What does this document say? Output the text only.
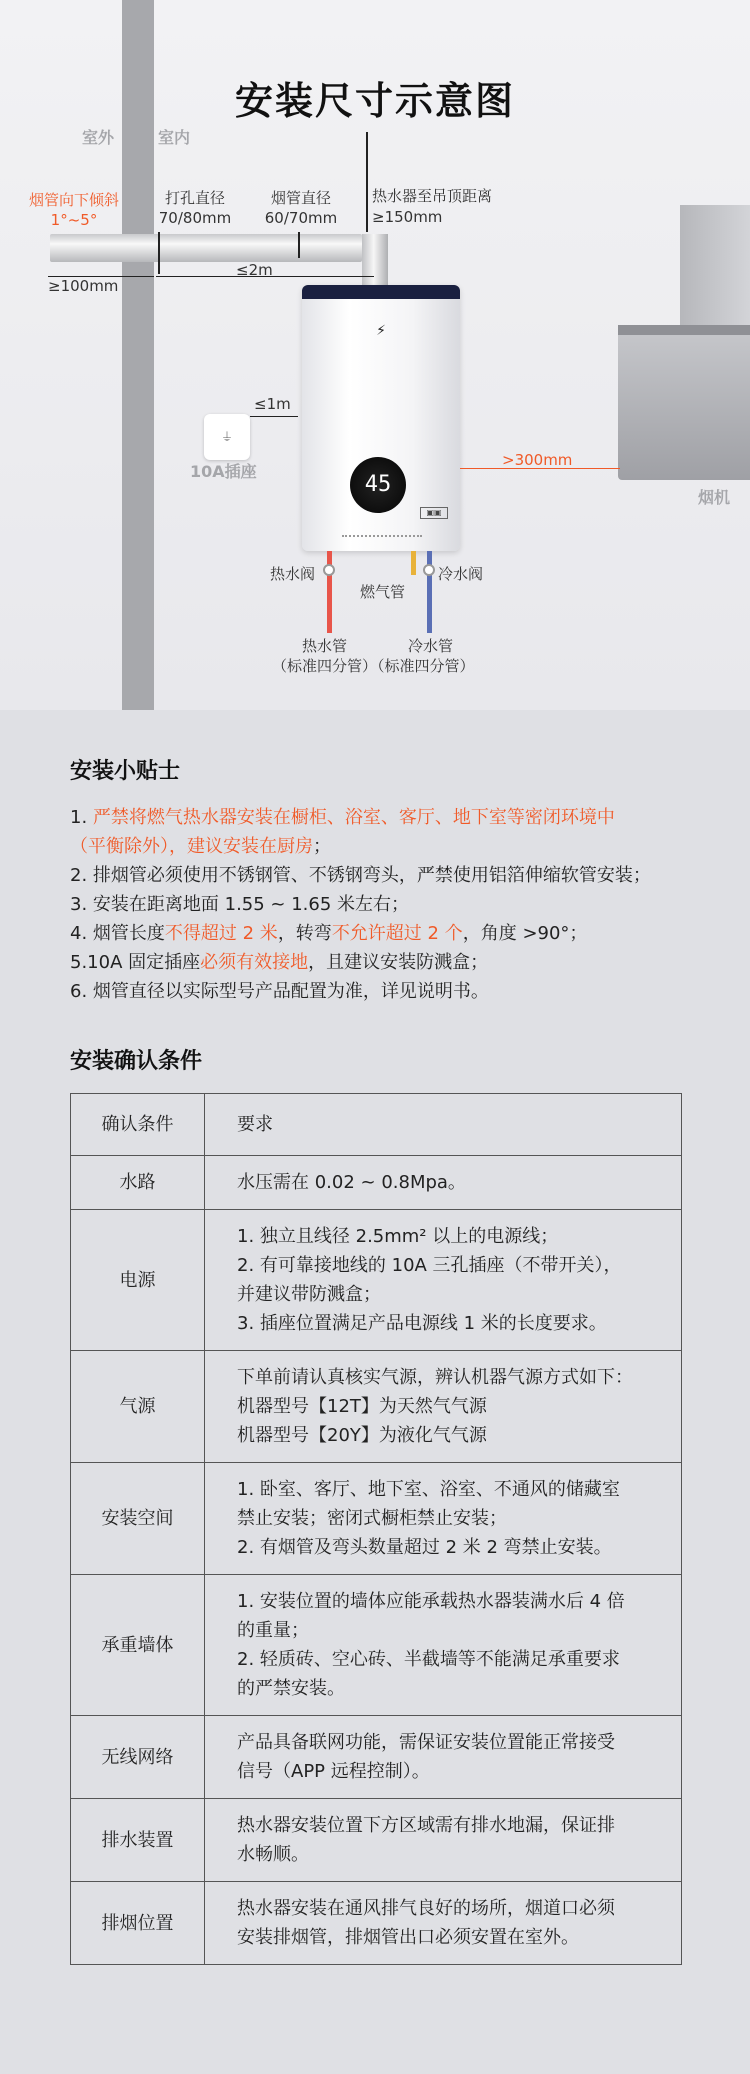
安装尺寸示意图
室外	室内
烟管向下倾斜
1°~5°
打孔直径
70/80mm
烟管直径
60/70mm
热水器至吊顶距离
≥150mm
≥100mm
≤2m
⚡
45
▣▣
≤1m
⏚
10A插座
>300mm
烟机
热水阀
燃气管
冷水阀
热水管	冷水管
（标准四分管）（标准四分管）
安装小贴士
1. 严禁将燃气热水器安装在橱柜、浴室、客厅、地下室等密闭环境中
（平衡除外），建议安装在厨房；
2. 排烟管必须使用不锈钢管、不锈钢弯头，严禁使用铝箔伸缩软管安装；
3. 安装在距离地面 1.55 ~ 1.65 米左右；
4. 烟管长度不得超过 2 米，转弯不允许超过 2 个，角度 >90°；
5.10A 固定插座必须有效接地，且建议安装防溅盒；
6. 烟管直径以实际型号产品配置为准，详见说明书。
安装确认条件
确认条件	要求
水路	水压需在 0.02 ~ 0.8Mpa。

电源	1. 独立且线径 2.5mm² 以上的电源线；
2. 有可靠接地线的 10A 三孔插座（不带开关），
并建议带防溅盒；
3. 插座位置满足产品电源线 1 米的长度要求。

气源	下单前请认真核实气源，辨认机器气源方式如下：
机器型号【12T】为天然气气源
机器型号【20Y】为液化气气源

安装空间	1. 卧室、客厅、地下室、浴室、不通风的储藏室
禁止安装；密闭式橱柜禁止安装；
2. 有烟管及弯头数量超过 2 米 2 弯禁止安装。

承重墙体	1. 安装位置的墙体应能承载热水器装满水后 4 倍
的重量；
2. 轻质砖、空心砖、半截墙等不能满足承重要求
的严禁安装。

无线网络	产品具备联网功能，需保证安装位置能正常接受
信号（APP 远程控制）。

排水装置	热水器安装位置下方区域需有排水地漏，保证排
水畅顺。

排烟位置	热水器安装在通风排气良好的场所，烟道口必须
安装排烟管，排烟管出口必须安置在室外。
